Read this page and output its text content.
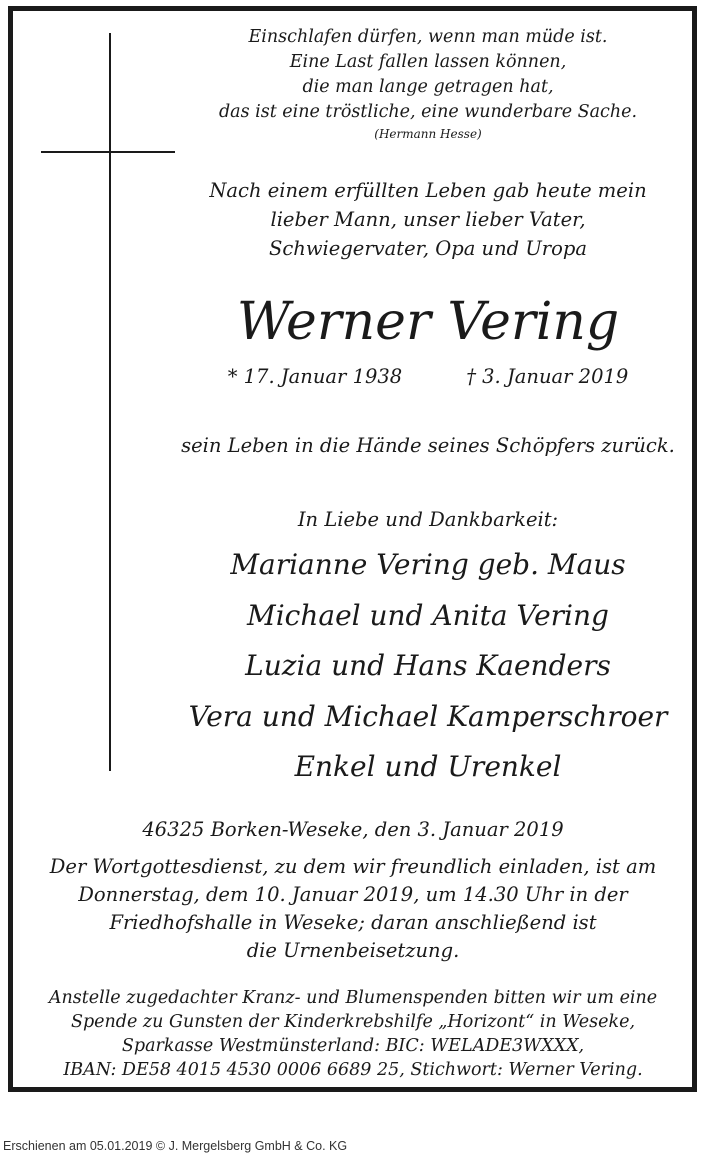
Einschlafen dürfen, wenn man müde ist.
Eine Last fallen lassen können,
die man lange getragen hat,
das ist eine tröstliche, eine wunderbare Sache.
(Hermann Hesse)
Nach einem erfüllten Leben gab heute mein
lieber Mann, unser lieber Vater,
Schwiegervater, Opa und Uropa
Werner Vering
* 17. Januar 1938	† 3. Januar 2019
sein Leben in die Hände seines Schöpfers zurück.
In Liebe und Dankbarkeit:
Marianne Vering geb. Maus
Michael und Anita Vering
Luzia und Hans Kaenders
Vera und Michael Kamperschroer
Enkel und Urenkel
46325 Borken-Weseke, den 3. Januar 2019
Der Wortgottesdienst, zu dem wir freundlich einladen, ist am
Donnerstag, dem 10. Januar 2019, um 14.30 Uhr in der
Friedhofshalle in Weseke; daran anschließend ist
die Urnenbeisetzung.
Anstelle zugedachter Kranz- und Blumenspenden bitten wir um eine
Spende zu Gunsten der Kinderkrebshilfe „Horizont“ in Weseke,
Sparkasse Westmünsterland: BIC: WELADE3WXXX,
IBAN: DE58 4015 4530 0006 6689 25, Stichwort: Werner Vering.
Erschienen am 05.01.2019 © J. Mergelsberg GmbH & Co. KG
